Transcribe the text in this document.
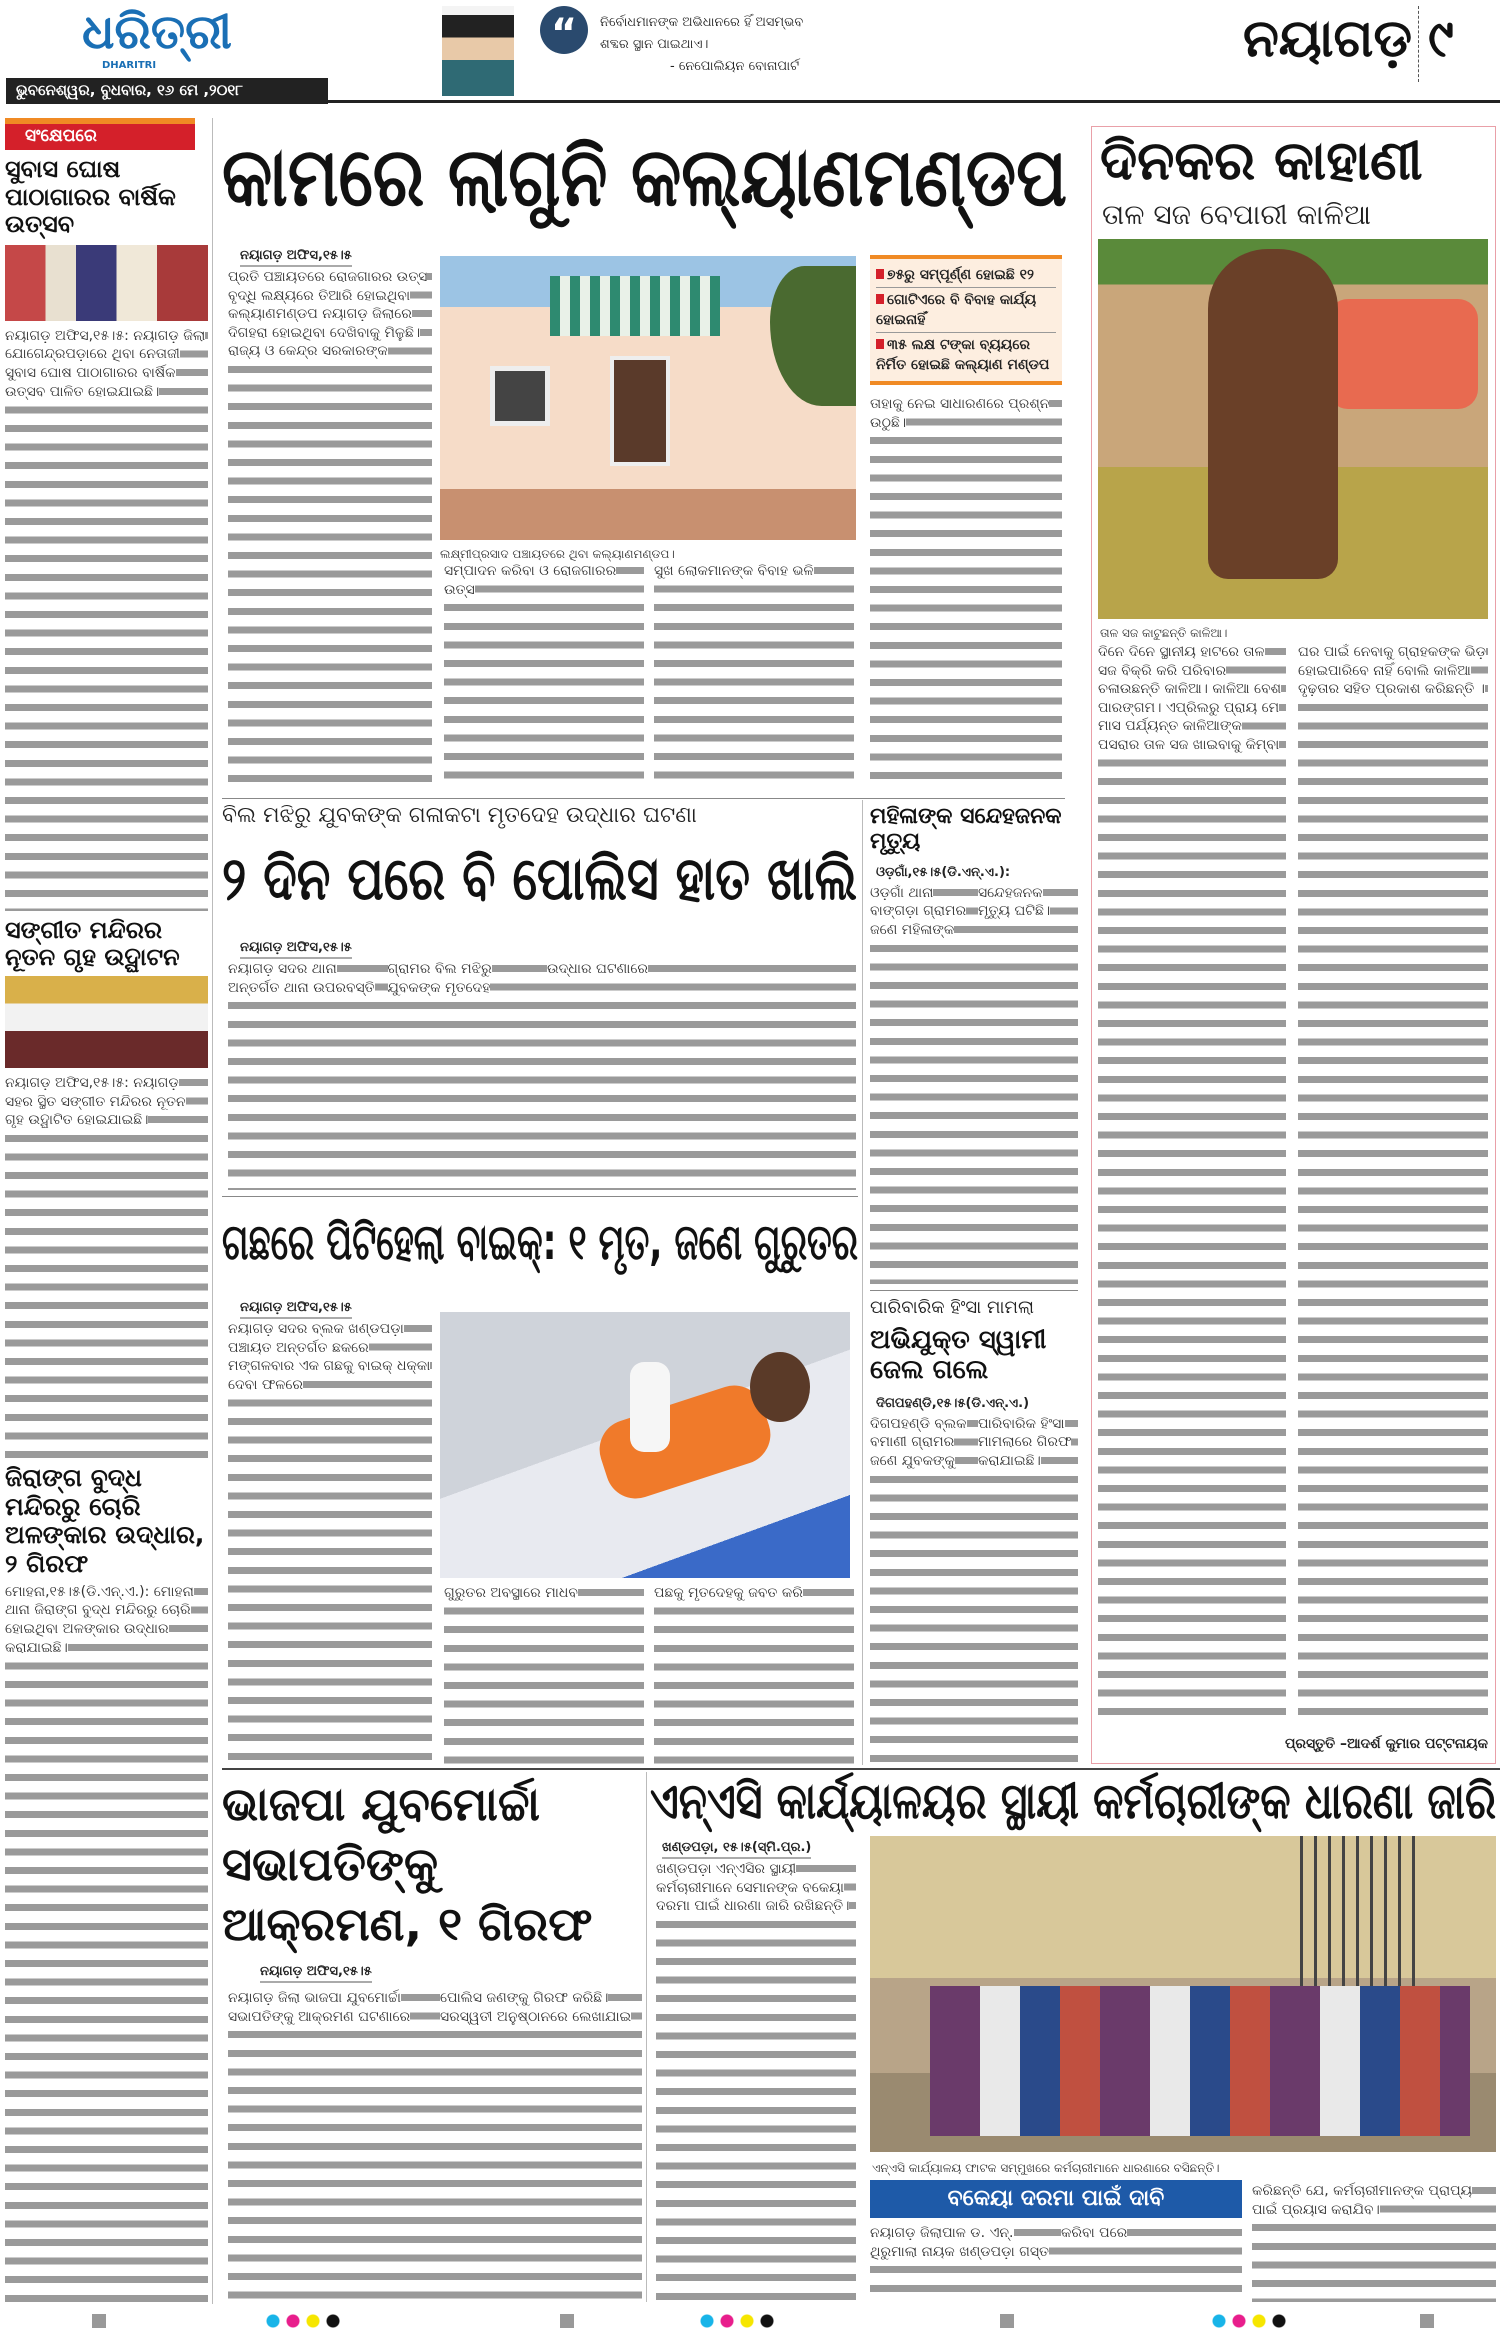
ଧରିତ୍ରୀ
DHARITRI
ଭୁବନେଶ୍ୱର, ବୁଧବାର, ୧୬ ମେ ,୨୦୧୮
“	ନିର୍ବୋଧମାନଙ୍କ ଅଭିଧାନରେ ହିଁ ଅସମ୍ଭବ
ଶବ୍ଦର ସ୍ଥାନ ପାଇଥାଏ।
- ନେପୋଲିୟନ ବୋନାପାର୍ଟ	ନୟାଗଡ଼ ୯
ସଂକ୍ଷେପରେ
ସୁବାସ ଘୋଷ ପାଠାଗାରର ବାର୍ଷିକ ଉତ୍ସବ

ନୟାଗଡ଼ ଅଫିସ,୧୫।୫: ନୟାଗଡ଼ ଜିଲା ଯୋଗେନ୍ଦ୍ରପଡ଼ାରେ ଥିବା ନେତାଜୀ ସୁବାସ ଘୋଷ ପାଠାଗାରର ବାର୍ଷିକ ଉତ୍ସବ ପାଳିତ ହୋଇଯାଇଛି।

ସଙ୍ଗୀତ ମନ୍ଦିରର ନୂତନ ଗୃହ ଉଦ୍ଘାଟନ

ନୟାଗଡ଼ ଅଫିସ,୧୫।୫: ନୟାଗଡ଼ ସହର ସ୍ଥିତ ସଙ୍ଗୀତ ମନ୍ଦିରର ନୂତନ ଗୃହ ଉଦ୍ଘାଟିତ ହୋଇଯାଇଛି।

ଜିରାଙ୍ଗ ବୁଦ୍ଧ ମନ୍ଦିରରୁ ଚୋରି ଅଳଙ୍କାର ଉଦ୍ଧାର, ୨ ଗିରଫ

ମୋହନା,୧୫।୫(ଡି.ଏନ୍‌.ଏ.): ମୋହନା ଥାନା ଜିରାଙ୍ଗ ବୁଦ୍ଧ ମନ୍ଦିରରୁ ଚୋରି ହୋଇଥିବା ଅଳଙ୍କାର ଉଦ୍ଧାର କରାଯାଇଛି।

କାମରେ ଲାଗୁନି କଲ୍ୟାଣମଣ୍ଡପ
ନୟାଗଡ଼ ଅଫିସ,୧୫।୫

ପ୍ରତି ପଞ୍ଚାୟତରେ ରୋଜଗାରର ଉତ୍ସ ବୃଦ୍ଧି ଲକ୍ଷ୍ୟରେ ତିଆରି ହୋଇଥିବା କଲ୍ୟାଣମଣ୍ଡପ ନୟାଗଡ଼ ଜିଲାରେ ଦିଗହରା ହୋଇଥିବା ଦେଖିବାକୁ ମିଳୁଛି। ରାଜ୍ୟ ଓ କେନ୍ଦ୍ର ସରକାରଙ୍କ

ଲକ୍ଷ୍ମୀପ୍ରସାଦ ପଞ୍ଚାୟତରେ ଥିବା କଲ୍ୟାଣମଣ୍ଡପ।

ସମ୍ପାଦନ କରିବା ଓ ରୋଜଗାରର ଉତ୍ସ

ସୁଖ ଲୋକମାନଙ୍କ ବିବାହ ଭଳି

୭୫ରୁ ସମ୍ପୂର୍ଣ୍ଣ ହୋଇଛି ୧୨
ଗୋଟିଏରେ ବି ବିବାହ କାର୍ଯ୍ୟ ହୋଇନାହିଁ
୩୫ ଲକ୍ଷ ଟଙ୍କା ବ୍ୟୟରେ ନିର୍ମିତ ହୋଇଛି କଲ୍ୟାଣ ମଣ୍ଡପ

ତାହାକୁ ନେଇ ସାଧାରଣରେ ପ୍ରଶ୍ନ ଉଠୁଛି।

ବିଲ ମଝିରୁ ଯୁବକଙ୍କ ଗଳାକଟା ମୃତଦେହ ଉଦ୍ଧାର ଘଟଣା
୨ ଦିନ ପରେ ବି ପୋଲିସ ହାତ ଖାଲି
ନୟାଗଡ଼ ଅଫିସ,୧୫।୫

ନୟାଗଡ଼ ସଦର ଥାନା ଅନ୍ତର୍ଗତ ଥାନା ଉପରବସ୍ତି ଗ୍ରାମର ବିଲ ମଝିରୁ ଯୁବକଙ୍କ ମୃତଦେହ ଉଦ୍ଧାର ଘଟଣାରେ

ମହିଳାଙ୍କ ସନ୍ଦେହଜନକ ମୃତ୍ୟୁ
ଓଡ଼ଗାଁ,୧୫।୫(ଡି.ଏନ୍‌.ଏ.):

ଓଡ଼ଗାଁ ଥାନା ବାଙ୍ଗଡ଼ା ଗ୍ରାମର ଜଣେ ମହିଳାଙ୍କ ସନ୍ଦେହଜନକ ମୃତ୍ୟୁ ଘଟିଛି।

ଗଛରେ ପିଟିହେଲା ବାଇକ୍‌: ୧ ମୃତ, ଜଣେ ଗୁରୁତର
ନୟାଗଡ଼ ଅଫିସ,୧୫।୫

ନୟାଗଡ଼ ସଦର ବ୍ଲକ ଖଣ୍ଡପଡ଼ା ପଞ୍ଚାୟତ ଅନ୍ତର୍ଗତ ଛକରେ ମଙ୍ଗଳବାର ଏକ ଗଛକୁ ବାଇକ୍‌ ଧକ୍କା ଦେବା ଫଳରେ

ଗୁରୁତର ଅବସ୍ଥାରେ ମାଧବ	ପଛକୁ ମୃତଦେହକୁ ଜବତ କରି

ପାରିବାରିକ ହିଂସା ମାମଲା
ଅଭିଯୁକ୍ତ ସ୍ୱାମୀ ଜେଲ ଗଲେ
ଦିଗପହଣ୍ଡି,୧୫।୫(ଡି.ଏନ୍‌.ଏ.)

ଦିଗପହଣ୍ଡି ବ୍ଲକ ବମାଣୀ ଗ୍ରାମର ଜଣେ ଯୁବକଙ୍କୁ ପାରିବାରିକ ହିଂସା ମାମଲାରେ ଗିରଫ କରାଯାଇଛି।

ଦିନକର କାହାଣୀ
ତାଳ ସଜ ବେପାରୀ କାଳିଆ
ତାଳ ସଜ କାଟୁଛନ୍ତି କାଳିଆ।

ଦିନେ ଦିନେ ସ୍ଥାନୀୟ ହାଟରେ ତାଳ ସଜ ବିକ୍ରି କରି ପରିବାର ଚଳାଉଛନ୍ତି କାଳିଆ। କାଳିଆ ବେଶ ପାରଙ୍ଗମ। ଏପ୍ରିଲରୁ ପ୍ରାୟ ମେ ମାସ ପର୍ଯ୍ୟନ୍ତ କାଳିଆଙ୍କ ପସରାର ତାଳ ସଜ ଖାଇବାକୁ କିମ୍ବା

ଘର ପାଇଁ ନେବାକୁ ଗ୍ରାହକଙ୍କ ଭିଡ଼ ହୋଇପାରିବେ ନାହିଁ ବୋଲି କାଳିଆ ଦୃଢ଼ତାର ସହିତ ପ୍ରକାଶ କରିଛନ୍ତି ।

ପ୍ରସ୍ତୁତି –ଆଦର୍ଶ କୁମାର ପଟ୍ଟନାୟକ
ଭାଜପା ଯୁବମୋର୍ଚ୍ଚା ସଭାପତିଙ୍କୁ ଆକ୍ରମଣ, ୧ ଗିରଫ
ନୟାଗଡ଼ ଅଫିସ,୧୫।୫

ନୟାଗଡ଼ ଜିଲା ଭାଜପା ଯୁବମୋର୍ଚ୍ଚା ସଭାପତିଙ୍କୁ ଆକ୍ରମଣ ଘଟଣାରେ ପୋଲିସ ଜଣଙ୍କୁ ଗିରଫ କରିଛି।

ସରସ୍ୱତୀ ଅନୁଷ୍ଠାନରେ ଲେଖାଯାଇ

ଏନ୍‌ଏସି କାର୍ଯ୍ୟାଳୟର ସ୍ଥାୟୀ କର୍ମଚାରୀଙ୍କ ଧାରଣା ଜାରି
ଖଣ୍ଡପଡ଼ା, ୧୫।୫(ସ୍ମି.ପ୍ର.)

ଖଣ୍ଡପଡ଼ା ଏନ୍‌ଏସିର ସ୍ଥାୟୀ କର୍ମଚାରୀମାନେ ସେମାନଙ୍କ ବକେୟା ଦରମା ପାଇଁ ଧାରଣା ଜାରି ରଖିଛନ୍ତି।

ଏନ୍‌ଏସି କାର୍ଯ୍ୟାଳୟ ଫାଟକ ସମ୍ମୁଖରେ କର୍ମଚାରୀମାନେ ଧାରଣାରେ ବସିଛନ୍ତି।
ବକେୟା ଦରମା ପାଇଁ ଦାବି

ନୟାଗଡ଼ ଜିଲାପାଳ ଡ. ଏନ୍‌. ଥିରୁମାଲା ନାୟକ ଖଣ୍ଡପଡ଼ା ଗସ୍ତ କରିବା ପରେ

କରିଛନ୍ତି ଯେ, କର୍ମଚାରୀମାନଙ୍କ ପ୍ରାପ୍ୟ ପାଇଁ ପ୍ରୟାସ କରାଯିବ।
